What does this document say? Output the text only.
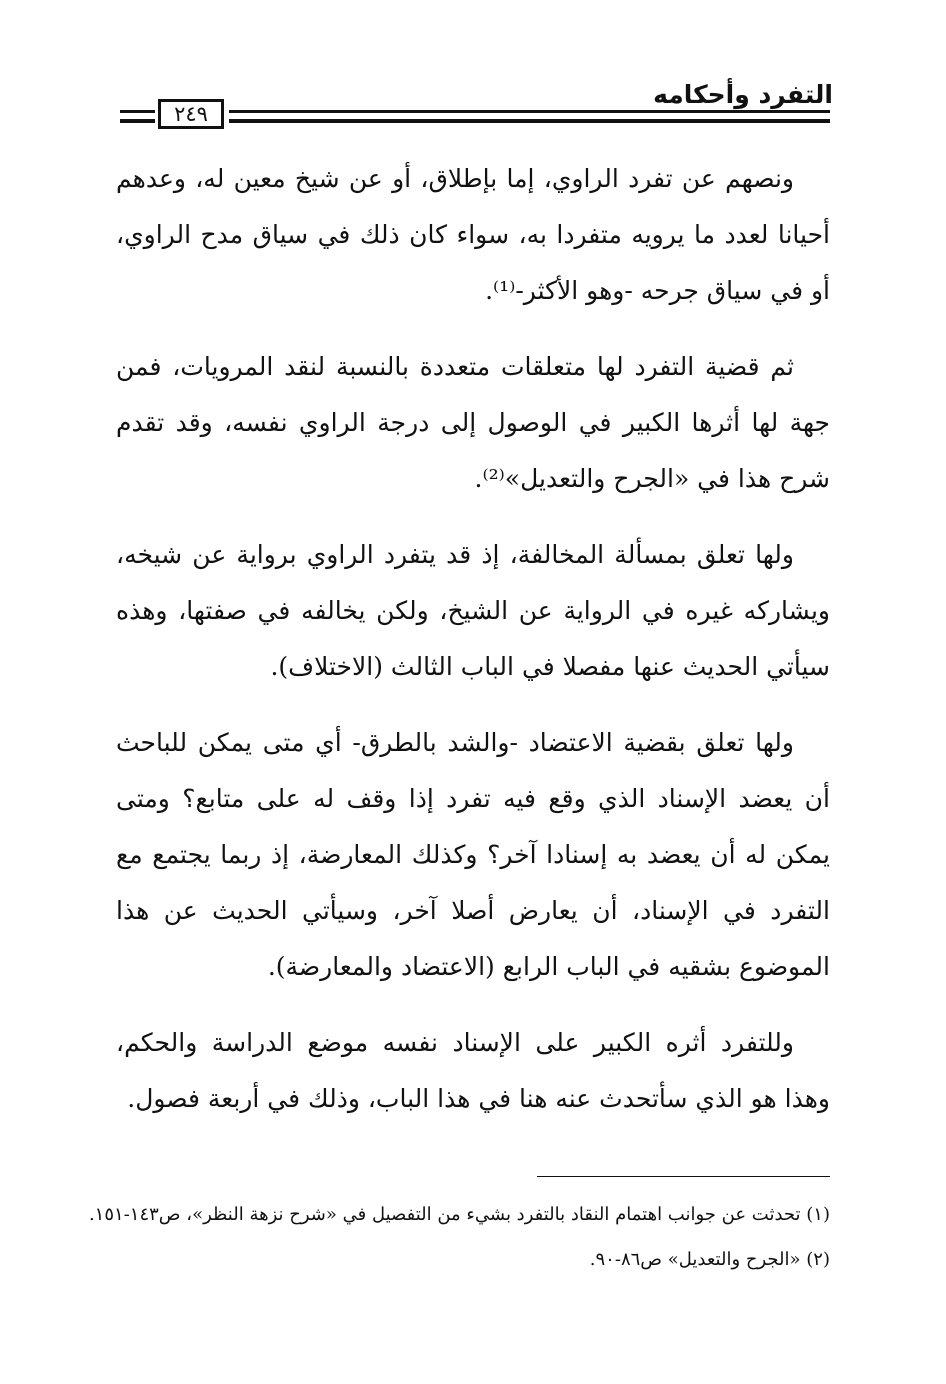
التفرد وأحكامه
٢٤٩

ونصهم عن تفرد الراوي، إما بإطلاق، أو عن شيخ معين له، وعدهم أحيانا لعدد ما يرويه متفردا به، سواء كان ذلك في سياق مدح الراوي، أو في سياق جرحه -وهو الأكثر-⁽¹⁾.

ثم قضية التفرد لها متعلقات متعددة بالنسبة لنقد المرويات، فمن جهة لها أثرها الكبير في الوصول إلى درجة الراوي نفسه، وقد تقدم شرح هذا في «الجرح والتعديل»⁽²⁾.

ولها تعلق بمسألة المخالفة، إذ قد يتفرد الراوي برواية عن شيخه، ويشاركه غيره في الرواية عن الشيخ، ولكن يخالفه في صفتها، وهذه سيأتي الحديث عنها مفصلا في الباب الثالث (الاختلاف).

ولها تعلق بقضية الاعتضاد -والشد بالطرق- أي متى يمكن للباحث أن يعضد الإسناد الذي وقع فيه تفرد إذا وقف له على متابع؟ ومتى يمكن له أن يعضد به إسنادا آخر؟ وكذلك المعارضة، إذ ربما يجتمع مع التفرد في الإسناد، أن يعارض أصلا آخر، وسيأتي الحديث عن هذا الموضوع بشقيه في الباب الرابع (الاعتضاد والمعارضة).

وللتفرد أثره الكبير على الإسناد نفسه موضع الدراسة والحكم، وهذا هو الذي سأتحدث عنه هنا في هذا الباب، وذلك في أربعة فصول.

(١) تحدثت عن جوانب اهتمام النقاد بالتفرد بشيء من التفصيل في «شرح نزهة النظر»، ص١٤٣-١٥١.
(٢) «الجرح والتعديل» ص٨٦-٩٠.
